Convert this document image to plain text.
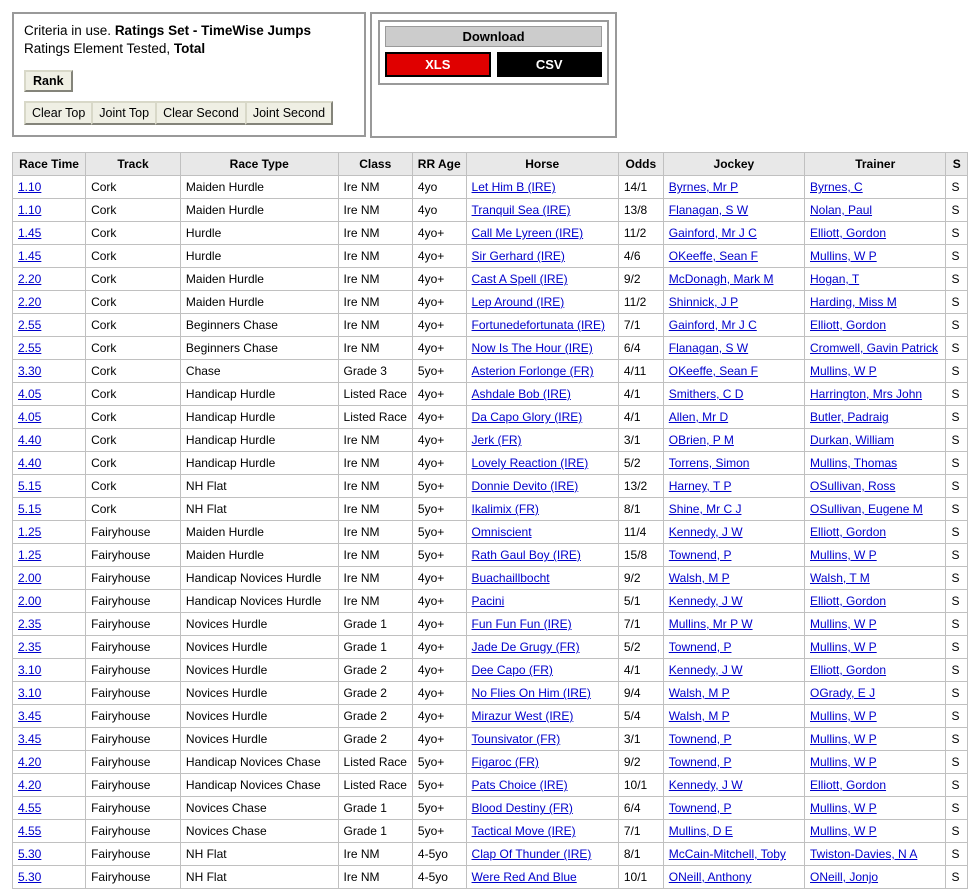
Criteria in use. Ratings Set - TimeWise Jumps
Ratings Element Tested, Total
Rank
Clear Top	Joint Top	Clear Second	Joint Second
Download
XLS	CSV
Race Time	Track	Race Type	Class	RR Age	Horse	Odds	Jockey	Trainer	S
1.10	Cork	Maiden Hurdle	Ire NM	4yo	Let Him B (IRE)	14/1	Byrnes, Mr P	Byrnes, C	S
1.10	Cork	Maiden Hurdle	Ire NM	4yo	Tranquil Sea (IRE)	13/8	Flanagan, S W	Nolan, Paul	S
1.45	Cork	Hurdle	Ire NM	4yo+	Call Me Lyreen (IRE)	11/2	Gainford, Mr J C	Elliott, Gordon	S
1.45	Cork	Hurdle	Ire NM	4yo+	Sir Gerhard (IRE)	4/6	OKeeffe, Sean F	Mullins, W P	S
2.20	Cork	Maiden Hurdle	Ire NM	4yo+	Cast A Spell (IRE)	9/2	McDonagh, Mark M	Hogan, T	S
2.20	Cork	Maiden Hurdle	Ire NM	4yo+	Lep Around (IRE)	11/2	Shinnick, J P	Harding, Miss M	S
2.55	Cork	Beginners Chase	Ire NM	4yo+	Fortunedefortunata (IRE)	7/1	Gainford, Mr J C	Elliott, Gordon	S
2.55	Cork	Beginners Chase	Ire NM	4yo+	Now Is The Hour (IRE)	6/4	Flanagan, S W	Cromwell, Gavin Patrick	S
3.30	Cork	Chase	Grade 3	5yo+	Asterion Forlonge (FR)	4/11	OKeeffe, Sean F	Mullins, W P	S
4.05	Cork	Handicap Hurdle	Listed Race	4yo+	Ashdale Bob (IRE)	4/1	Smithers, C D	Harrington, Mrs John	S
4.05	Cork	Handicap Hurdle	Listed Race	4yo+	Da Capo Glory (IRE)	4/1	Allen, Mr D	Butler, Padraig	S
4.40	Cork	Handicap Hurdle	Ire NM	4yo+	Jerk (FR)	3/1	OBrien, P M	Durkan, William	S
4.40	Cork	Handicap Hurdle	Ire NM	4yo+	Lovely Reaction (IRE)	5/2	Torrens, Simon	Mullins, Thomas	S
5.15	Cork	NH Flat	Ire NM	5yo+	Donnie Devito (IRE)	13/2	Harney, T P	OSullivan, Ross	S
5.15	Cork	NH Flat	Ire NM	5yo+	Ikalimix (FR)	8/1	Shine, Mr C J	OSullivan, Eugene M	S
1.25	Fairyhouse	Maiden Hurdle	Ire NM	5yo+	Omniscient	11/4	Kennedy, J W	Elliott, Gordon	S
1.25	Fairyhouse	Maiden Hurdle	Ire NM	5yo+	Rath Gaul Boy (IRE)	15/8	Townend, P	Mullins, W P	S
2.00	Fairyhouse	Handicap Novices Hurdle	Ire NM	4yo+	Buachaillbocht	9/2	Walsh, M P	Walsh, T M	S
2.00	Fairyhouse	Handicap Novices Hurdle	Ire NM	4yo+	Pacini	5/1	Kennedy, J W	Elliott, Gordon	S
2.35	Fairyhouse	Novices Hurdle	Grade 1	4yo+	Fun Fun Fun (IRE)	7/1	Mullins, Mr P W	Mullins, W P	S
2.35	Fairyhouse	Novices Hurdle	Grade 1	4yo+	Jade De Grugy (FR)	5/2	Townend, P	Mullins, W P	S
3.10	Fairyhouse	Novices Hurdle	Grade 2	4yo+	Dee Capo (FR)	4/1	Kennedy, J W	Elliott, Gordon	S
3.10	Fairyhouse	Novices Hurdle	Grade 2	4yo+	No Flies On Him (IRE)	9/4	Walsh, M P	OGrady, E J	S
3.45	Fairyhouse	Novices Hurdle	Grade 2	4yo+	Mirazur West (IRE)	5/4	Walsh, M P	Mullins, W P	S
3.45	Fairyhouse	Novices Hurdle	Grade 2	4yo+	Tounsivator (FR)	3/1	Townend, P	Mullins, W P	S
4.20	Fairyhouse	Handicap Novices Chase	Listed Race	5yo+	Figaroc (FR)	9/2	Townend, P	Mullins, W P	S
4.20	Fairyhouse	Handicap Novices Chase	Listed Race	5yo+	Pats Choice (IRE)	10/1	Kennedy, J W	Elliott, Gordon	S
4.55	Fairyhouse	Novices Chase	Grade 1	5yo+	Blood Destiny (FR)	6/4	Townend, P	Mullins, W P	S
4.55	Fairyhouse	Novices Chase	Grade 1	5yo+	Tactical Move (IRE)	7/1	Mullins, D E	Mullins, W P	S
5.30	Fairyhouse	NH Flat	Ire NM	4-5yo	Clap Of Thunder (IRE)	8/1	McCain-Mitchell, Toby	Twiston-Davies, N A	S
5.30	Fairyhouse	NH Flat	Ire NM	4-5yo	Were Red And Blue	10/1	ONeill, Anthony	ONeill, Jonjo	S
